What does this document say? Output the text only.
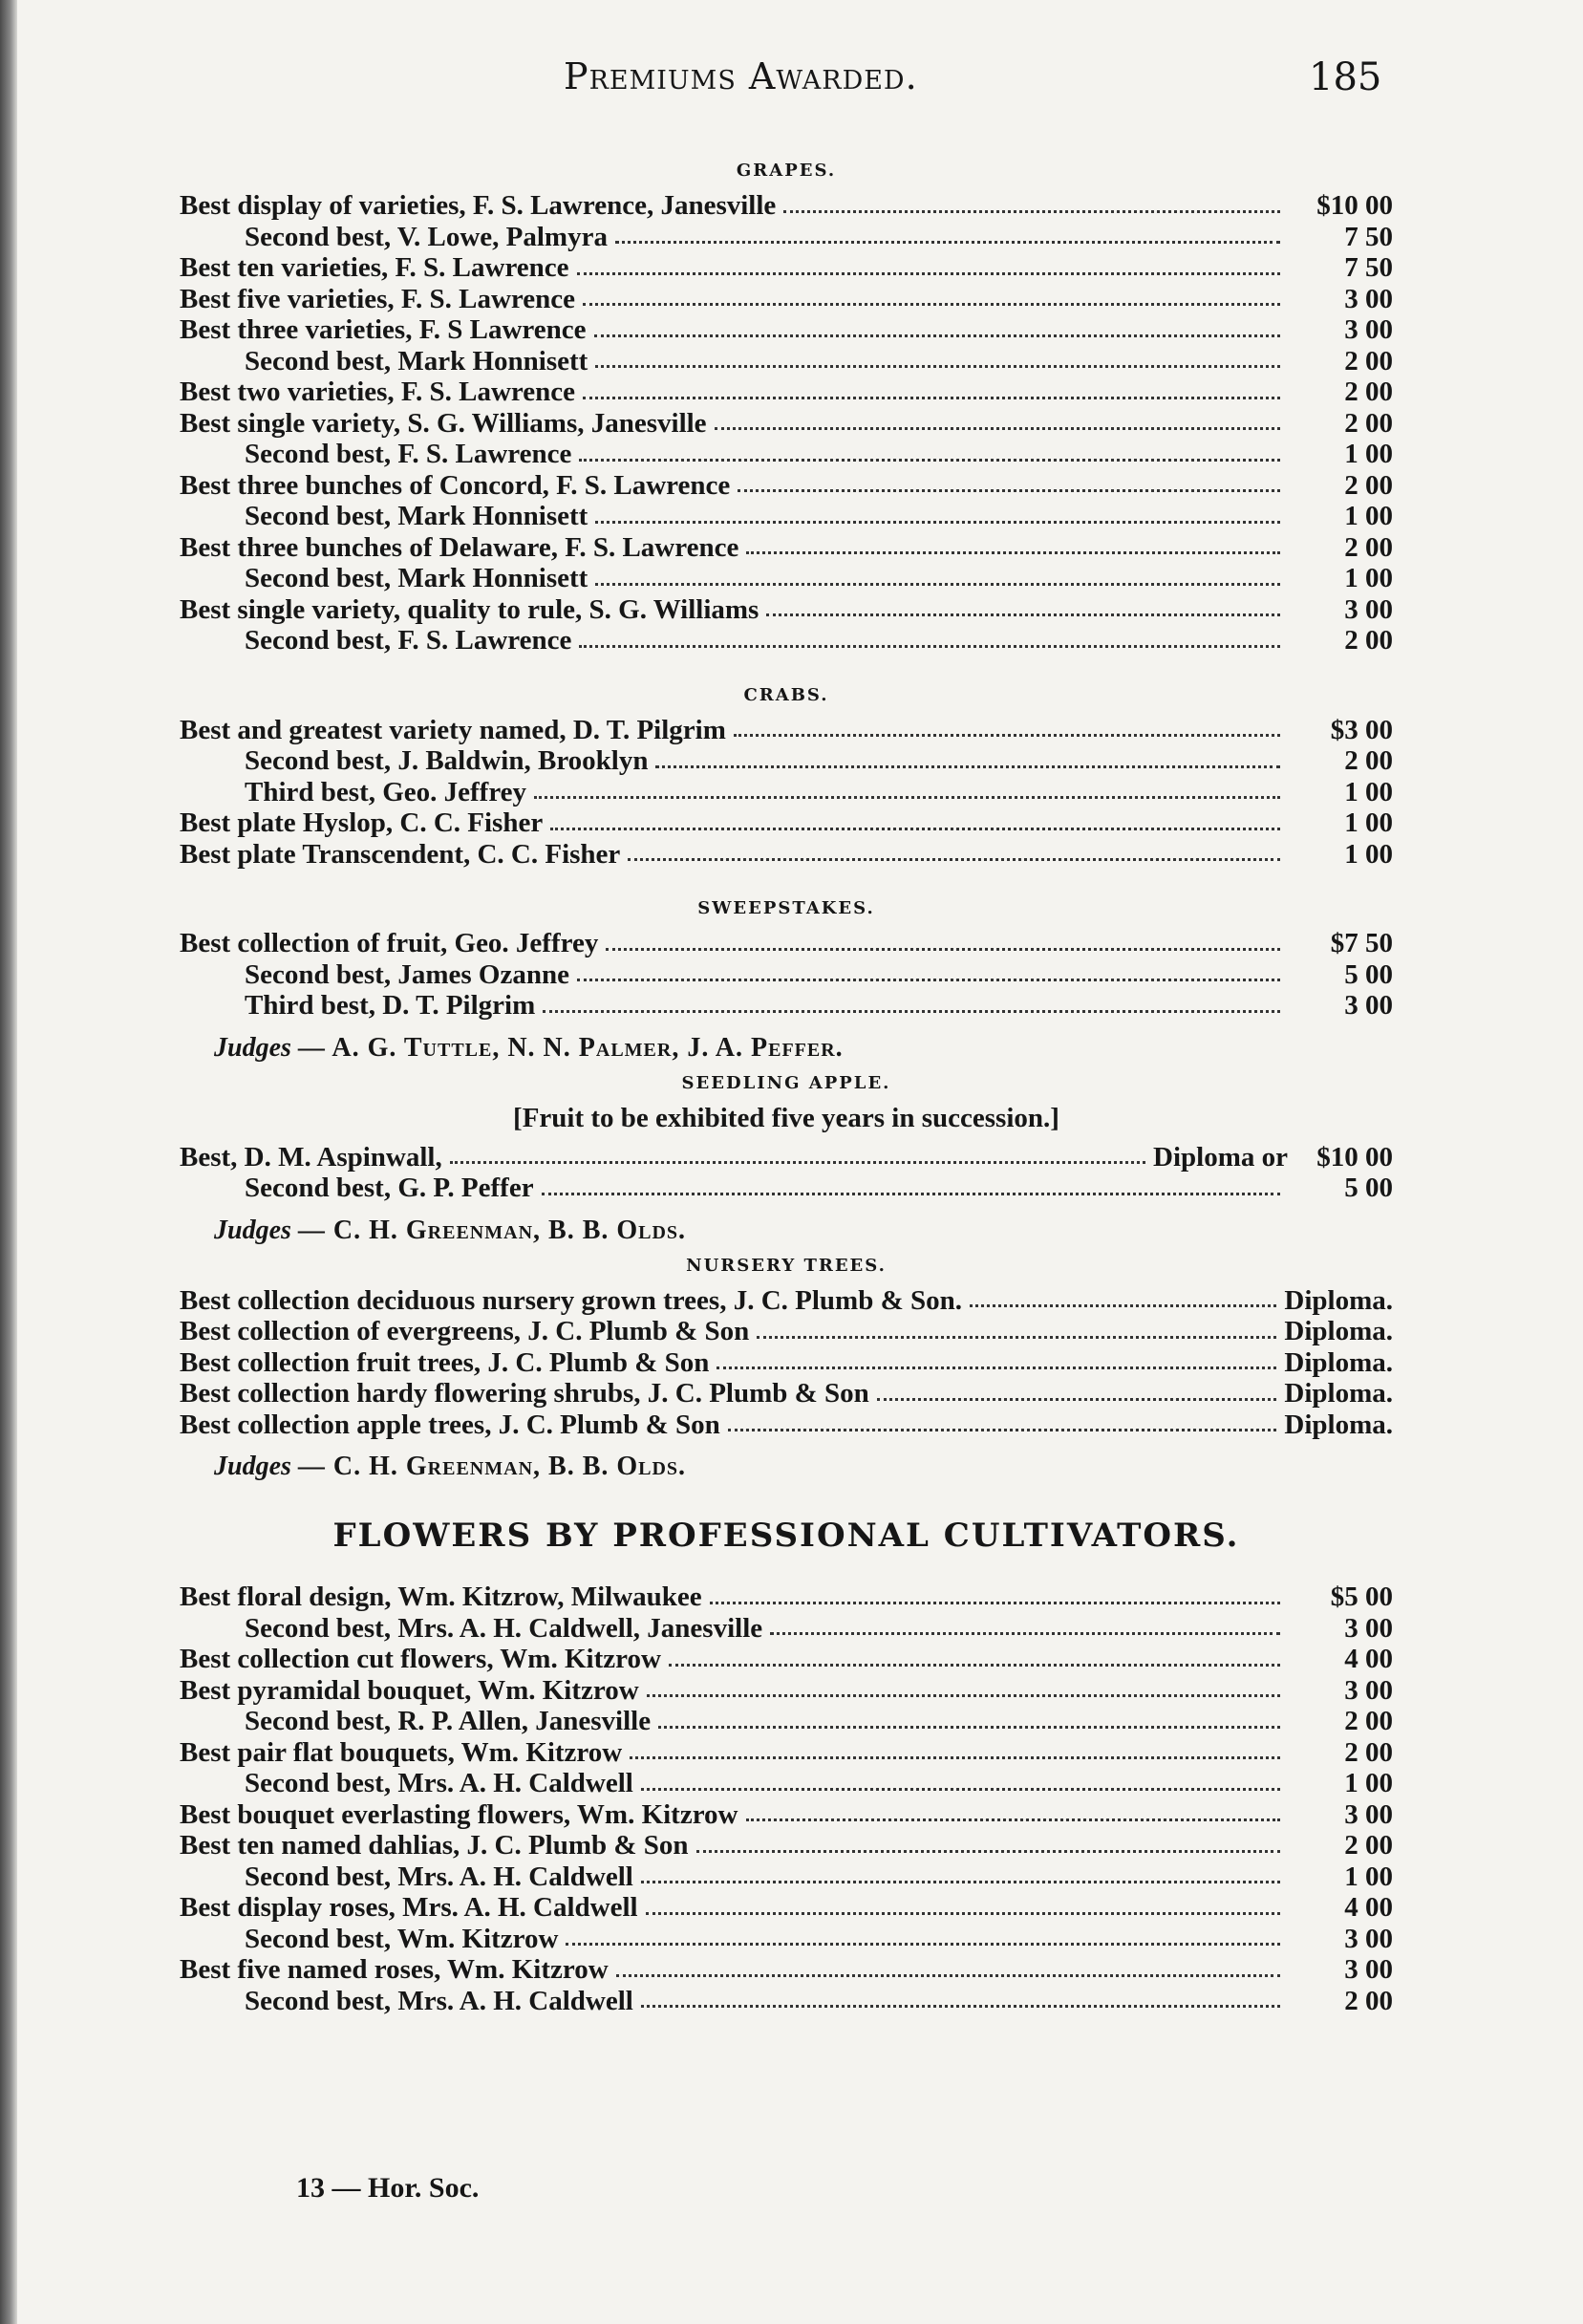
Premiums Awarded.	185
GRAPES.
Best display of varieties, F. S. Lawrence, Janesville	$10 00
Second best, V. Lowe, Palmyra	7 50
Best ten varieties, F. S. Lawrence	7 50
Best five varieties, F. S. Lawrence	3 00
Best three varieties, F. S Lawrence	3 00
Second best, Mark Honnisett	2 00
Best two varieties, F. S. Lawrence	2 00
Best single variety, S. G. Williams, Janesville	2 00
Second best, F. S. Lawrence	1 00
Best three bunches of Concord, F. S. Lawrence	2 00
Second best, Mark Honnisett	1 00
Best three bunches of Delaware, F. S. Lawrence	2 00
Second best, Mark Honnisett	1 00
Best single variety, quality to rule, S. G. Williams	3 00
Second best, F. S. Lawrence	2 00
CRABS.
Best and greatest variety named, D. T. Pilgrim	$3 00
Second best, J. Baldwin, Brooklyn	2 00
Third best, Geo. Jeffrey	1 00
Best plate Hyslop, C. C. Fisher	1 00
Best plate Transcendent, C. C. Fisher	1 00
SWEEPSTAKES.
Best collection of fruit, Geo. Jeffrey	$7 50
Second best, James Ozanne	5 00
Third best, D. T. Pilgrim	3 00
Judges — A. G. Tuttle, N. N. Palmer, J. A. Peffer.
SEEDLING APPLE.
[Fruit to be exhibited five years in succession.]
Best, D. M. Aspinwall,	Diploma or	$10 00
Second best, G. P. Peffer	5 00
Judges — C. H. Greenman, B. B. Olds.
NURSERY TREES.
Best collection deciduous nursery grown trees, J. C. Plumb & Son.	Diploma.
Best collection of evergreens, J. C. Plumb & Son	Diploma.
Best collection fruit trees, J. C. Plumb & Son	Diploma.
Best collection hardy flowering shrubs, J. C. Plumb & Son	Diploma.
Best collection apple trees, J. C. Plumb & Son	Diploma.
Judges — C. H. Greenman, B. B. Olds.
FLOWERS BY PROFESSIONAL CULTIVATORS.
Best floral design, Wm. Kitzrow, Milwaukee	$5 00
Second best, Mrs. A. H. Caldwell, Janesville	3 00
Best collection cut flowers, Wm. Kitzrow	4 00
Best pyramidal bouquet, Wm. Kitzrow	3 00
Second best, R. P. Allen, Janesville	2 00
Best pair flat bouquets, Wm. Kitzrow	2 00
Second best, Mrs. A. H. Caldwell	1 00
Best bouquet everlasting flowers, Wm. Kitzrow	3 00
Best ten named dahlias, J. C. Plumb & Son	2 00
Second best, Mrs. A. H. Caldwell	1 00
Best display roses, Mrs. A. H. Caldwell	4 00
Second best, Wm. Kitzrow	3 00
Best five named roses, Wm. Kitzrow	3 00
Second best, Mrs. A. H. Caldwell	2 00
13 — Hor. Soc.
